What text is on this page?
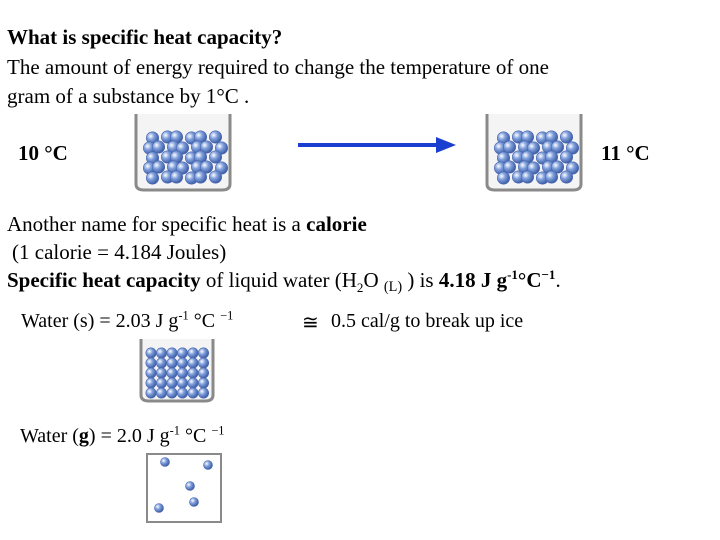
What is specific heat capacity?
The amount of energy required to change the temperature of one
gram of a substance by 1°C .
10 °C	11 °C
Another name for specific heat is a calorie
(1 calorie = 4.184 Joules)
Specific heat capacity of liquid water ($H_2O$ (L) ) is 4.18 J $g^{-1}^\circ C^{-1}$.
Water (s) = 2.03 J $g^{-1}$ °C $^{-1}$	≅ 0.5 cal/g to break up ice
Water (g) = 2.0 J $g^{-1}$ °C $^{-1}$
